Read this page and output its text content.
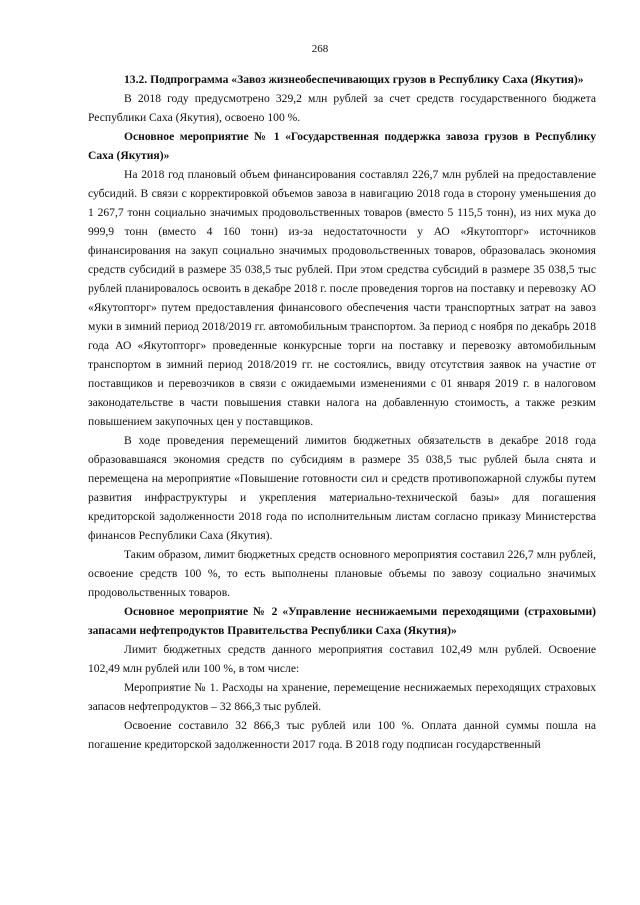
268

13.2. Подпрограмма «Завоз жизнеобеспечивающих грузов в Республику Саха (Якутия)»

В 2018 году предусмотрено 329,2 млн рублей за счет средств государственного бюджета Республики Саха (Якутия), освоено 100 %.

Основное мероприятие № 1 «Государственная поддержка завоза грузов в Республику Саха (Якутия)»

На 2018 год плановый объем финансирования составлял 226,7 млн рублей на предоставление субсидий. В связи с корректировкой объемов завоза в навигацию 2018 года в сторону уменьшения до 1 267,7 тонн социально значимых продовольственных товаров (вместо 5 115,5 тонн), из них мука до 999,9 тонн (вместо 4 160 тонн) из-за недостаточности у АО «Якутопторг» источников финансирования на закуп социально значимых продовольственных товаров, образовалась экономия средств субсидий в размере 35 038,5 тыс рублей. При этом средства субсидий в размере 35 038,5 тыс рублей планировалось освоить в декабре 2018 г. после проведения торгов на поставку и перевозку АО «Якутопторг» путем предоставления финансового обеспечения части транспортных затрат на завоз муки в зимний период 2018/2019 гг. автомобильным транспортом. За период с ноября по декабрь 2018 года АО «Якутопторг» проведенные конкурсные торги на поставку и перевозку автомобильным транспортом в зимний период 2018/2019 гг. не состоялись, ввиду отсутствия заявок на участие от поставщиков и перевозчиков в связи с ожидаемыми изменениями с 01 января 2019 г. в налоговом законодательстве в части повышения ставки налога на добавленную стоимость, а также резким повышением закупочных цен у поставщиков.

В ходе проведения перемещений лимитов бюджетных обязательств в декабре 2018 года образовавшаяся экономия средств по субсидиям в размере 35 038,5 тыс рублей была снята и перемещена на мероприятие «Повышение готовности сил и средств противопожарной службы путем развития инфраструктуры и укрепления материально-технической базы» для погашения кредиторской задолженности 2018 года по исполнительным листам согласно приказу Министерства финансов Республики Саха (Якутия).

Таким образом, лимит бюджетных средств основного мероприятия составил 226,7 млн рублей, освоение средств 100 %, то есть выполнены плановые объемы по завозу социально значимых продовольственных товаров.

Основное мероприятие № 2 «Управление неснижаемыми переходящими (страховыми) запасами нефтепродуктов Правительства Республики Саха (Якутия)»

Лимит бюджетных средств данного мероприятия составил 102,49 млн рублей. Освоение 102,49 млн рублей или 100 %, в том числе:

Мероприятие № 1. Расходы на хранение, перемещение неснижаемых переходящих страховых запасов нефтепродуктов – 32 866,3 тыс рублей.

Освоение составило 32 866,3 тыс рублей или 100 %. Оплата данной суммы пошла на погашение кредиторской задолженности 2017 года. В 2018 году подписан государственный
